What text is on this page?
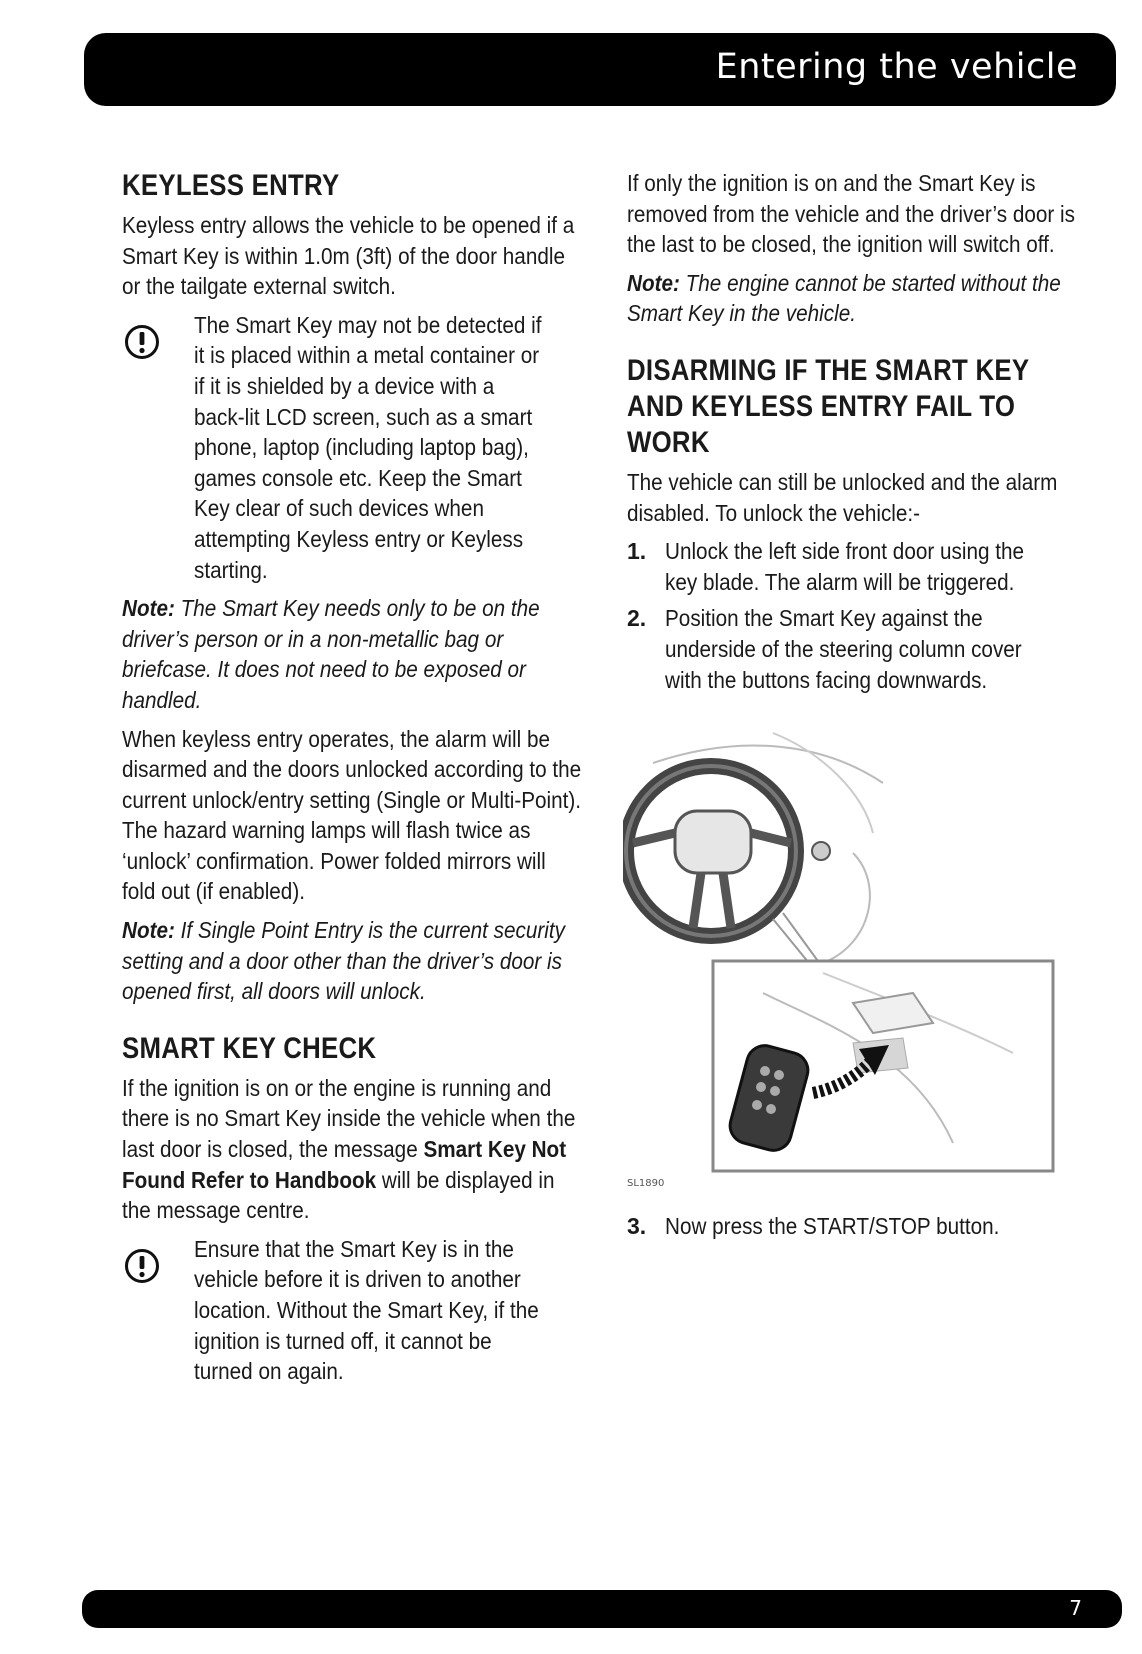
Entering the vehicle
KEYLESS ENTRY

Keyless entry allows the vehicle to be opened if a Smart Key is within 1.0m (3ft) of the door handle or the tailgate external switch.

The Smart Key may not be detected if it is placed within a metal container or if it is shielded by a device with a back-lit LCD screen, such as a smart phone, laptop (including laptop bag), games console etc. Keep the Smart Key clear of such devices when attempting Keyless entry or Keyless starting.

Note: The Smart Key needs only to be on the driver’s person or in a non-metallic bag or briefcase. It does not need to be exposed or handled.

When keyless entry operates, the alarm will be disarmed and the doors unlocked according to the current unlock/entry setting (Single or Multi-Point). The hazard warning lamps will flash twice as ‘unlock’ confirmation. Power folded mirrors will fold out (if enabled).

Note: If Single Point Entry is the current security setting and a door other than the driver’s door is opened first, all doors will unlock.

SMART KEY CHECK

If the ignition is on or the engine is running and there is no Smart Key inside the vehicle when the last door is closed, the message Smart Key Not Found Refer to Handbook will be displayed in the message centre.

Ensure that the Smart Key is in the vehicle before it is driven to another location. Without the Smart Key, if the ignition is turned off, it cannot be turned on again.

If only the ignition is on and the Smart Key is removed from the vehicle and the driver’s door is the last to be closed, the ignition will switch off.

Note: The engine cannot be started without the Smart Key in the vehicle.

DISARMING IF THE SMART KEY AND KEYLESS ENTRY FAIL TO WORK

The vehicle can still be unlocked and the alarm disabled. To unlock the vehicle:-

1. Unlock the left side front door using the key blade. The alarm will be triggered.
2. Position the Smart Key against the underside of the steering column cover with the buttons facing downwards.
SL1890
3. Now press the START/STOP button.
7
